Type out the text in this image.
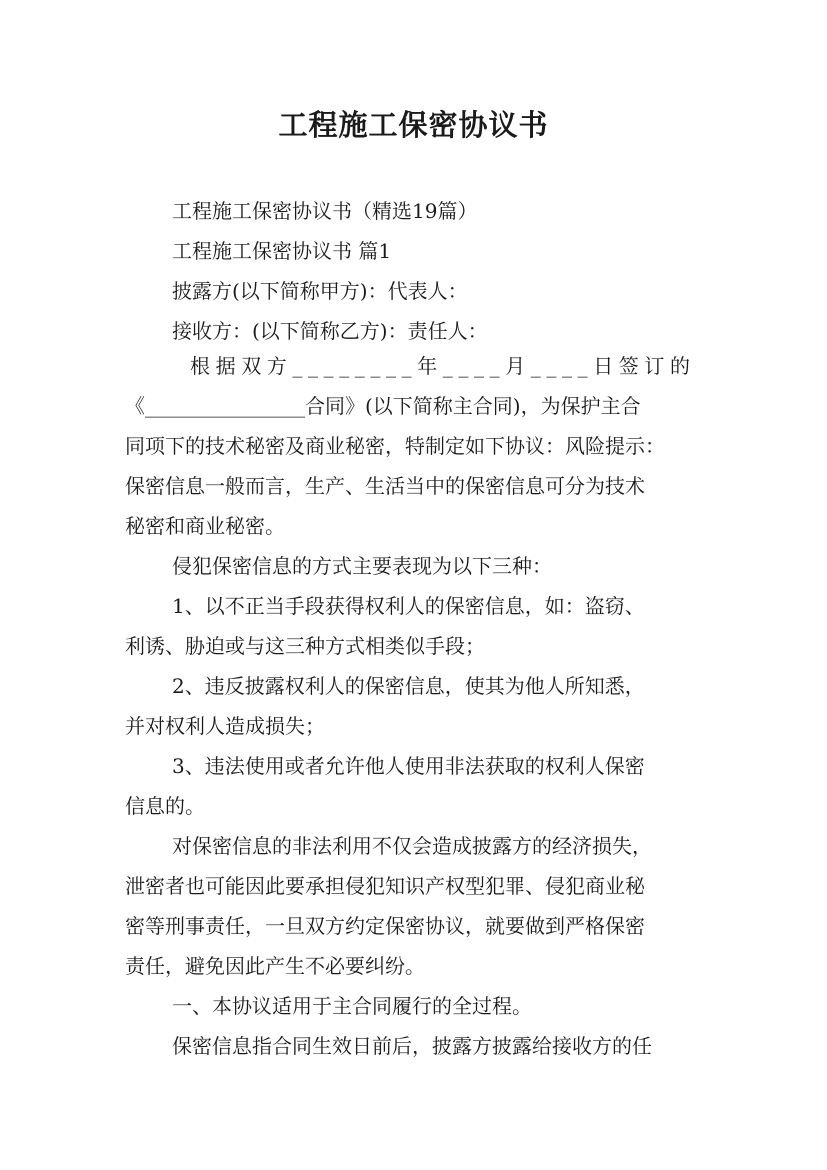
工程施工保密协议书
工程施工保密协议书（精选19篇）
工程施工保密协议书 篇1
披露方(以下简称甲方)：代表人：
接收方：(以下简称乙方)：责任人：
根据双方________年____月____日签订的
《________________合同》(以下简称主合同)，为保护主合
同项下的技术秘密及商业秘密，特制定如下协议：风险提示：
保密信息一般而言，生产、生活当中的保密信息可分为技术
秘密和商业秘密。
侵犯保密信息的方式主要表现为以下三种：
1、以不正当手段获得权利人的保密信息，如：盗窃、
利诱、胁迫或与这三种方式相类似手段；
2、违反披露权利人的保密信息，使其为他人所知悉，
并对权利人造成损失；
3、违法使用或者允许他人使用非法获取的权利人保密
信息的。
对保密信息的非法利用不仅会造成披露方的经济损失，
泄密者也可能因此要承担侵犯知识产权型犯罪、侵犯商业秘
密等刑事责任，一旦双方约定保密协议，就要做到严格保密
责任，避免因此产生不必要纠纷。
一、本协议适用于主合同履行的全过程。
保密信息指合同生效日前后，披露方披露给接收方的任
